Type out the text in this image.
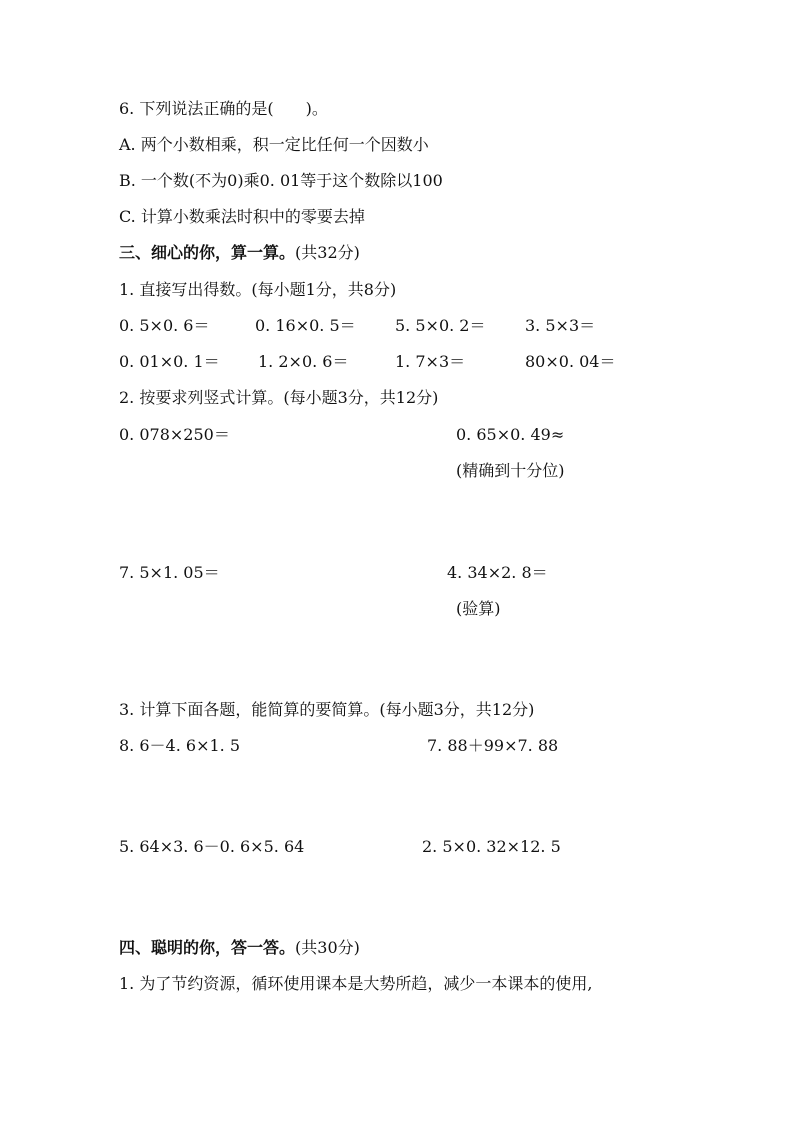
6. 下列说法正确的是(　　)。
A. 两个小数相乘，积一定比任何一个因数小
B. 一个数(不为0)乘0. 01等于这个数除以100
C. 计算小数乘法时积中的零要去掉
三、细心的你，算一算。(共32分)
1. 直接写出得数。(每小题1分，共8分)
0. 5×0. 6＝	0. 16×0. 5＝ 5. 5×0. 2＝ 3. 5×3＝
0. 01×0. 1＝ 1. 2×0. 6＝	1. 7×3＝	80×0. 04＝
2. 按要求列竖式计算。(每小题3分，共12分)
0. 078×250＝	0. 65×0. 49≈
(精确到十分位)
7. 5×1. 05＝	4. 34×2. 8＝
(验算)
3. 计算下面各题，能简算的要简算。(每小题3分，共12分)
8. 6－4. 6×1. 5	7. 88＋99×7. 88
5. 64×3. 6－0. 6×5. 64	2. 5×0. 32×12. 5
四、聪明的你，答一答。(共30分)
1. 为了节约资源，循环使用课本是大势所趋，减少一本课本的使用,
